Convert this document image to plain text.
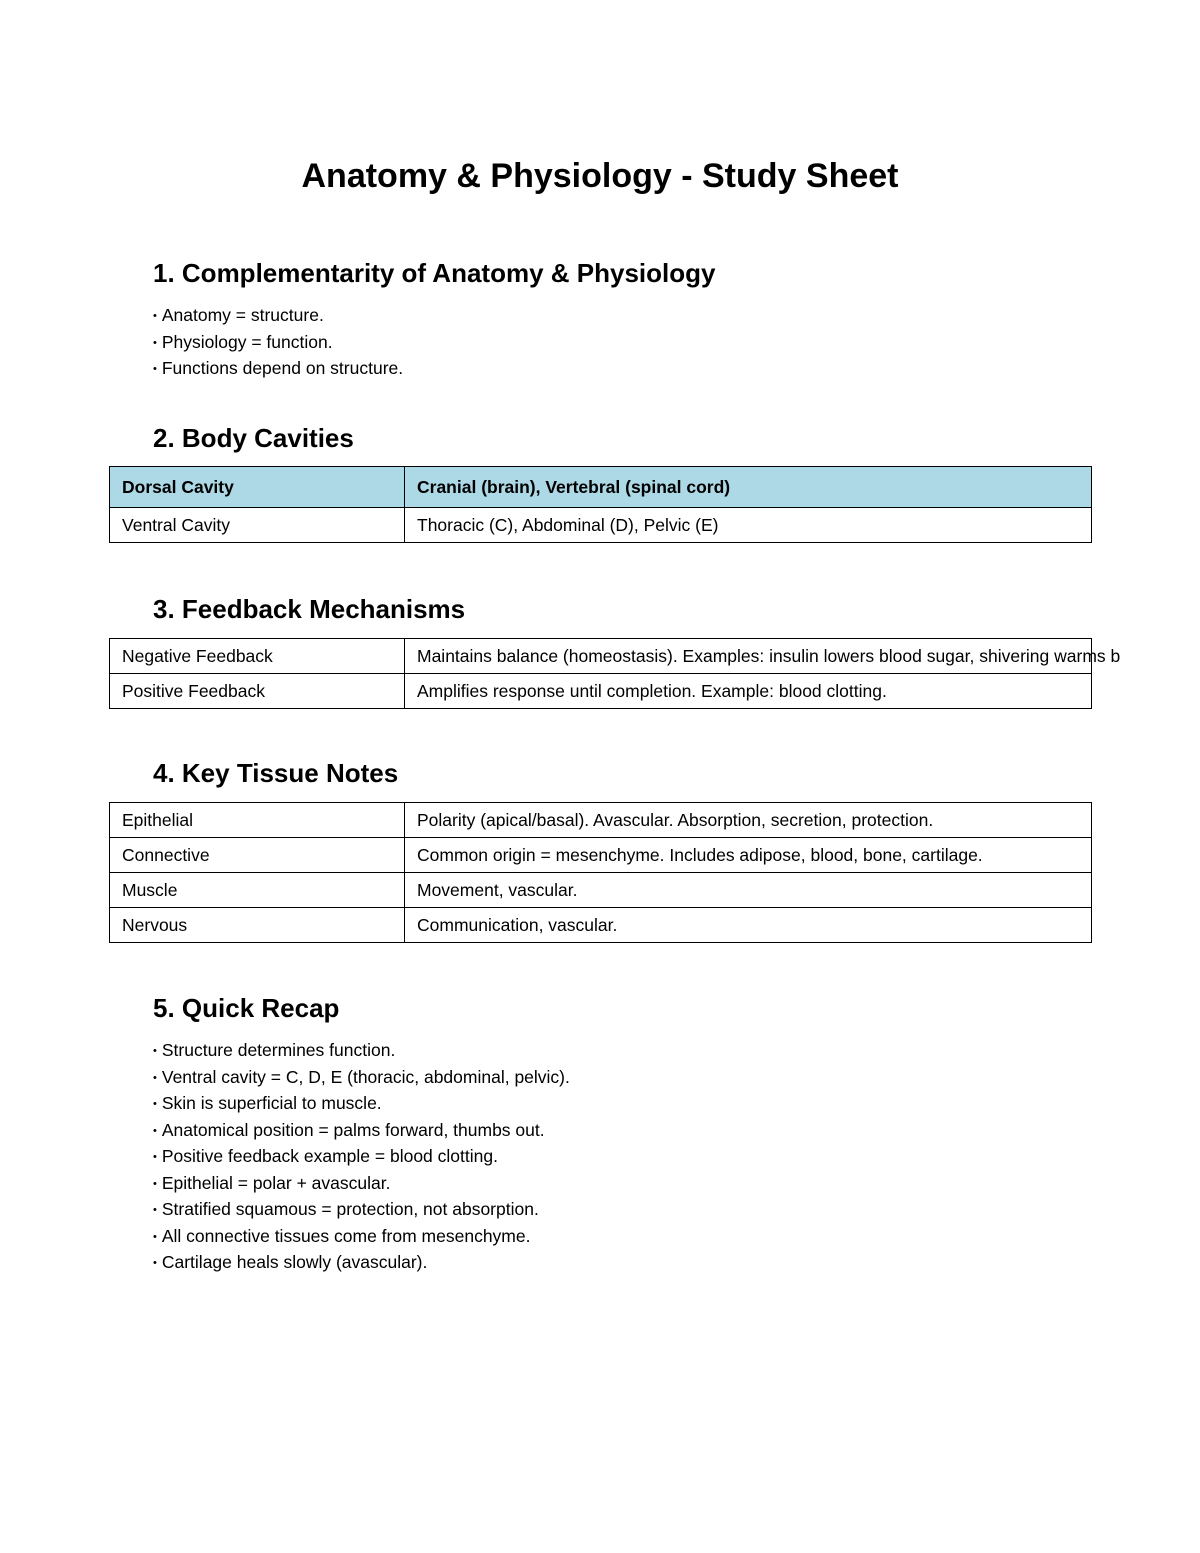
Anatomy & Physiology - Study Sheet
1. Complementarity of Anatomy & Physiology
• Anatomy = structure.
• Physiology = function.
• Functions depend on structure.
2. Body Cavities
Dorsal Cavity	Cranial (brain), Vertebral (spinal cord)
Ventral Cavity	Thoracic (C), Abdominal (D), Pelvic (E)
3. Feedback Mechanisms
Negative Feedback	Maintains balance (homeostasis). Examples: insulin lowers blood sugar, shivering warms b
Positive Feedback	Amplifies response until completion. Example: blood clotting.
4. Key Tissue Notes
Epithelial	Polarity (apical/basal). Avascular. Absorption, secretion, protection.
Connective	Common origin = mesenchyme. Includes adipose, blood, bone, cartilage.
Muscle	Movement, vascular.
Nervous	Communication, vascular.
5. Quick Recap
• Structure determines function.
• Ventral cavity = C, D, E (thoracic, abdominal, pelvic).
• Skin is superficial to muscle.
• Anatomical position = palms forward, thumbs out.
• Positive feedback example = blood clotting.
• Epithelial = polar + avascular.
• Stratified squamous = protection, not absorption.
• All connective tissues come from mesenchyme.
• Cartilage heals slowly (avascular).
